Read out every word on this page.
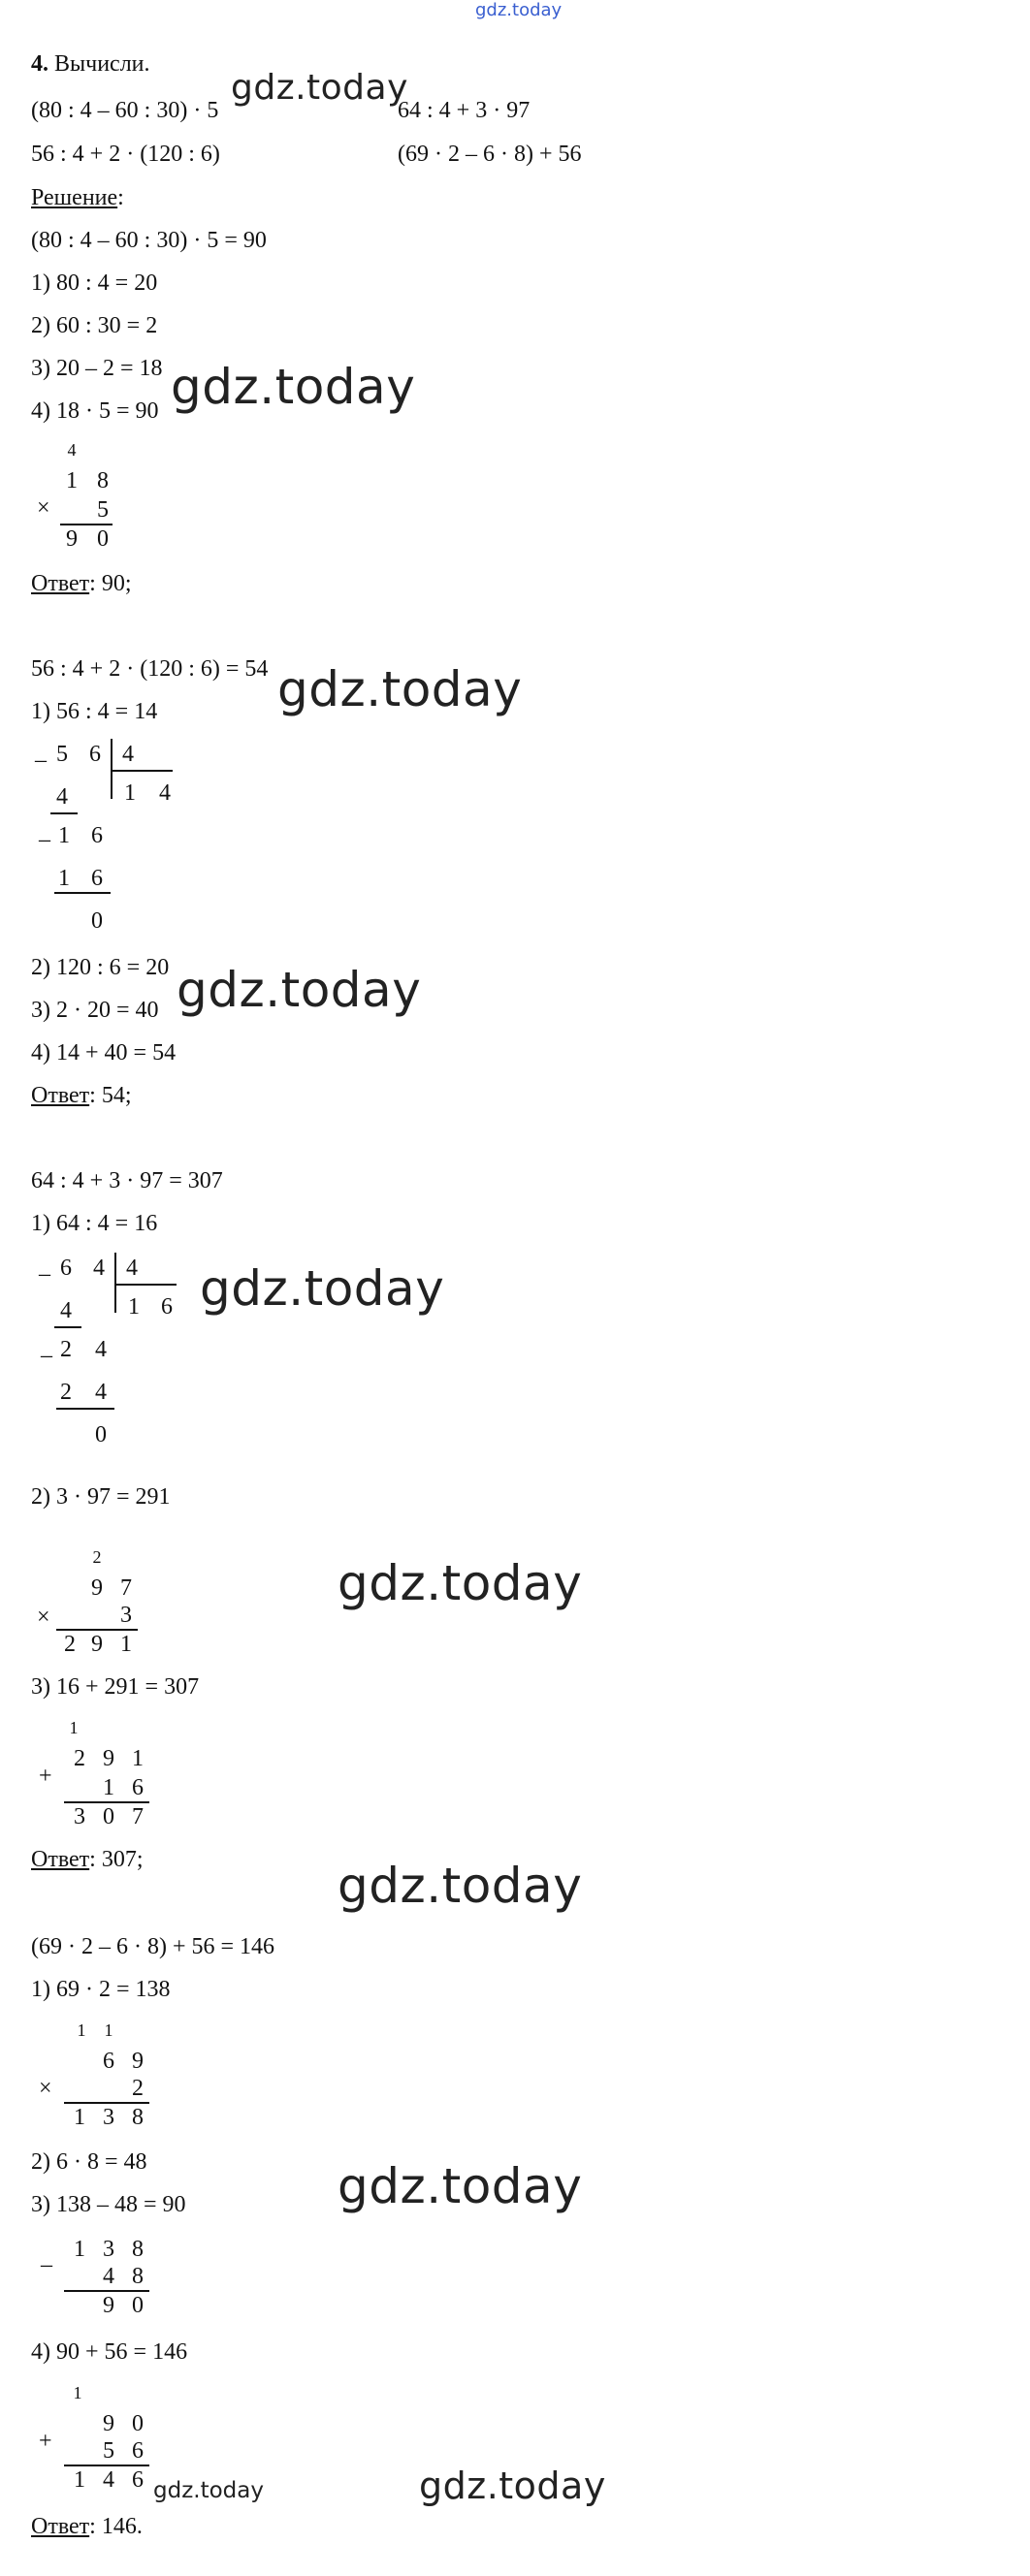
gdz.today
4. Вычисли.
(80 : 4 – 60 : 30) · 5	64 : 4 + 3 · 97
56 : 4 + 2 · (120 : 6)	(69 · 2 – 6 · 8) + 56
gdz.today
Решение:
(80 : 4 – 60 : 30) · 5 = 90
1) 80 : 4 = 20
2) 60 : 30 = 2
3) 20 – 2 = 18
4) 18 · 5 = 90 gdz.today
4
1 8
× 5
9 0
Ответ: 90;
56 : 4 + 2 · (120 : 6) = 54
1) 56 : 4 = 14 gdz.today
– 5 6 4
1 4
4
– 1 6
1 6
0
2) 120 : 6 = 20
3) 2 · 20 = 40
4) 14 + 40 = 54
gdz.today
Ответ: 54;
64 : 4 + 3 · 97 = 307
1) 64 : 4 = 16
– 6 4 4
1 6
4
– 2 4
2 4
0
gdz.today
2) 3 · 97 = 291
2
9 7
×	3
2 9 1
gdz.today
3) 16 + 291 = 307
1
2 9 1
+ 1 6
3 0 7
Ответ: 307;	gdz.today
(69 · 2 – 6 · 8) + 56 = 146
1) 69 · 2 = 138
1 1
6 9
×	2
1 3 8
2) 6 · 8 = 48
3) 138 – 48 = 90	gdz.today
1 3 8
– 4 8
9 0
4) 90 + 56 = 146
1
9 0
+ 5 6
1 4 6 gdz.today	gdz.today
Ответ: 146.
